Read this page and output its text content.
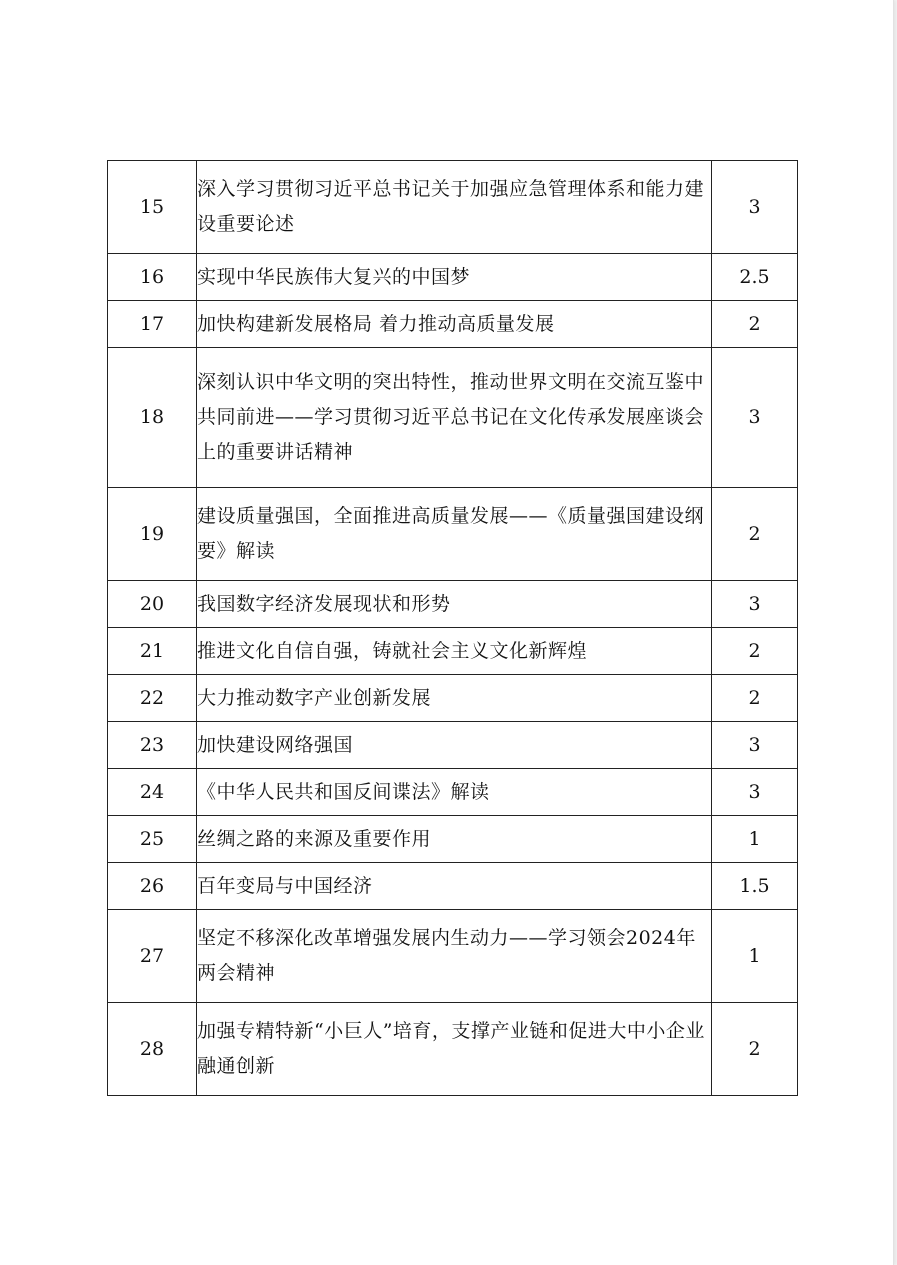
15	深入学习贯彻习近平总书记关于加强应急管理体系和能力建设重要论述	3
16	实现中华民族伟大复兴的中国梦	2.5
17	加快构建新发展格局 着力推动高质量发展	2
18	深刻认识中华文明的突出特性，推动世界文明在交流互鉴中共同前进——学习贯彻习近平总书记在文化传承发展座谈会上的重要讲话精神	3
19	建设质量强国，全面推进高质量发展——《质量强国建设纲要》解读	2
20	我国数字经济发展现状和形势	3
21	推进文化自信自强，铸就社会主义文化新辉煌	2
22	大力推动数字产业创新发展	2
23	加快建设网络强国	3
24	《中华人民共和国反间谍法》解读	3
25	丝绸之路的来源及重要作用	1
26	百年变局与中国经济	1.5
27	坚定不移深化改革增强发展内生动力——学习领会2024年两会精神	1
28	加强专精特新“小巨人”培育，支撑产业链和促进大中小企业融通创新	2
